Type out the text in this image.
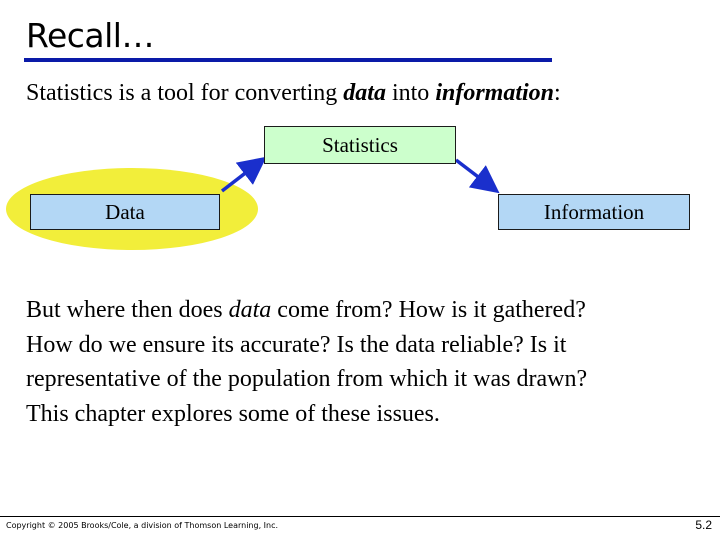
Recall…
Statistics is a tool for converting data into information:
Statistics
Data	Information
But where then does data come from? How is it gathered?
How do we ensure its accurate? Is the data reliable? Is it
representative of the population from which it was drawn?
This chapter explores some of these issues.
Copyright © 2005 Brooks/Cole, a division of Thomson Learning, Inc.	5.2
